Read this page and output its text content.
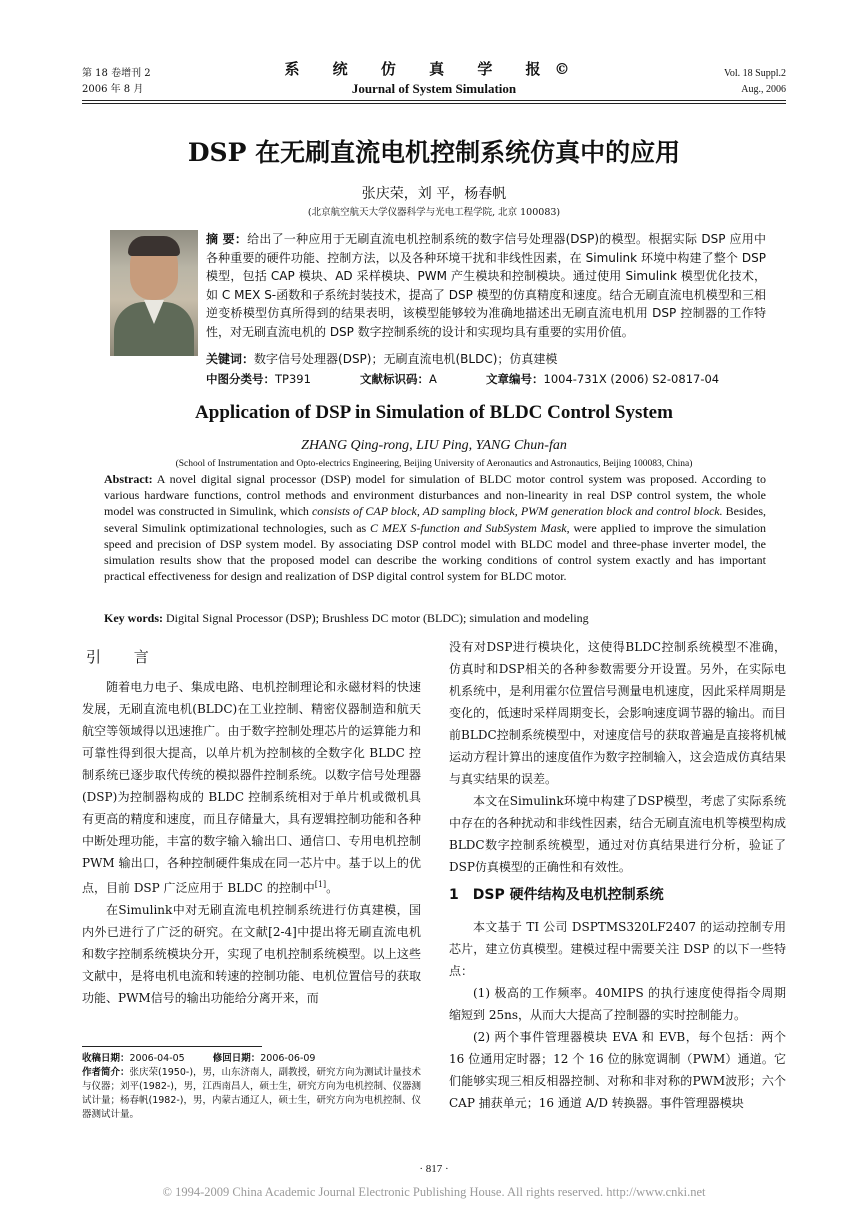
第 18 卷增刊 2
2006 年 8 月
系 统 仿 真 学 报©
Journal of System Simulation
Vol. 18 Suppl.2
Aug., 2006
DSP 在无刷直流电机控制系统仿真中的应用
张庆荣，刘 平，杨春帆
(北京航空航天大学仪器科学与光电工程学院, 北京 100083)
摘 要：给出了一种应用于无刷直流电机控制系统的数字信号处理器(DSP)的模型。根据实际 DSP 应用中各种重要的硬件功能、控制方法，以及各种环境干扰和非线性因素，在 Simulink 环境中构建了整个 DSP 模型，包括 CAP 模块、AD 采样模块、PWM 产生模块和控制模块。通过使用 Simulink 模型优化技术，如 C MEX S-函数和子系统封装技术，提高了 DSP 模型的仿真精度和速度。结合无刷直流电机模型和三相逆变桥模型仿真所得到的结果表明，该模型能够较为准确地描述出无刷直流电机用 DSP 控制器的工作特性，对无刷直流电机的 DSP 数字控制系统的设计和实现均具有重要的实用价值。
关键词：数字信号处理器(DSP)；无刷直流电机(BLDC)；仿真建模
中图分类号：TP391	文献标识码：A	文章编号：1004-731X (2006) S2-0817-04
Application of DSP in Simulation of BLDC Control System
ZHANG Qing-rong, LIU Ping, YANG Chun-fan
(School of Instrumentation and Opto-electrics Engineering, Beijing University of Aeronautics and Astronautics, Beijing 100083, China)
Abstract: A novel digital signal processor (DSP) model for simulation of BLDC motor control system was proposed. According to various hardware functions, control methods and environment disturbances and non-linearity in real DSP control system, the whole model was constructed in Simulink, which consists of CAP block, AD sampling block, PWM generation block and control block. Besides, several Simulink optimizational technologies, such as C MEX S-function and SubSystem Mask, were applied to improve the simulation speed and precision of DSP system model. By associating DSP control model with BLDC model and three-phase inverter model, the simulation results show that the proposed model can describe the working conditions of control system exactly and has important practical effectiveness for design and realization of DSP digital control system for BLDC motor.
Key words: Digital Signal Processor (DSP); Brushless DC motor (BLDC); simulation and modeling
引 言

随着电力电子、集成电路、电机控制理论和永磁材料的快速发展，无刷直流电机(BLDC)在工业控制、精密仪器制造和航天航空等领域得以迅速推广。由于数字控制处理芯片的运算能力和可靠性得到很大提高，以单片机为控制核的全数字化 BLDC 控制系统已逐步取代传统的模拟器件控制系统。以数字信号处理器(DSP)为控制器构成的 BLDC 控制系统相对于单片机或微机具有更高的精度和速度，而且存储量大，具有逻辑控制功能和各种中断处理功能，丰富的数字输入输出口、通信口、专用电机控制 PWM 输出口，各种控制硬件集成在同一芯片中。基于以上的优点，目前 DSP 广泛应用于 BLDC 的控制中[1]。

在Simulink中对无刷直流电机控制系统进行仿真建模，国内外已进行了广泛的研究。在文献[2-4]中提出将无刷直流电机和数字控制系统模块分开，实现了电机控制系统模型。以上这些文献中，是将电机电流和转速的控制功能、电机位置信号的获取功能、PWM信号的输出功能给分离开来，而

没有对DSP进行模块化，这使得BLDC控制系统模型不准确，仿真时和DSP相关的各种参数需要分开设置。另外，在实际电机系统中，是利用霍尔位置信号测量电机速度，因此采样周期是变化的，低速时采样周期变长，会影响速度调节器的输出。而目前BLDC控制系统模型中，对速度信号的获取普遍是直接将机械运动方程计算出的速度值作为数字控制输入，这会造成仿真结果与真实结果的误差。

本文在Simulink环境中构建了DSP模型，考虑了实际系统中存在的各种扰动和非线性因素，结合无刷直流电机等模型构成BLDC数字控制系统模型，通过对仿真结果进行分析，验证了DSP仿真模型的正确性和有效性。

1　DSP 硬件结构及电机控制系统

本文基于 TI 公司 DSPTMS320LF2407 的运动控制专用芯片，建立仿真模型。建模过程中需要关注 DSP 的以下一些特点：

(1) 极高的工作频率。40MIPS 的执行速度使得指令周期缩短到 25ns，从而大大提高了控制器的实时控制能力。

(2) 两个事件管理器模块 EVA 和 EVB，每个包括：两个 16 位通用定时器；12 个 16 位的脉宽调制（PWM）通道。它们能够实现三相反相器控制、对称和非对称的PWM波形；六个 CAP 捕获单元；16 通道 A/D 转换器。事件管理器模块

收稿日期：2006-04-05	修回日期：2006-06-09
作者简介：张庆荣(1950-)，男，山东济南人，副教授，研究方向为测试计量技术与仪器；刘平(1982-)，男，江西南昌人，硕士生，研究方向为电机控制、仪器测试计量；杨春帆(1982-)，男，内蒙古通辽人，硕士生，研究方向为电机控制、仪器测试计量。
· 817 ·
© 1994-2009 China Academic Journal Electronic Publishing House. All rights reserved. http://www.cnki.net
